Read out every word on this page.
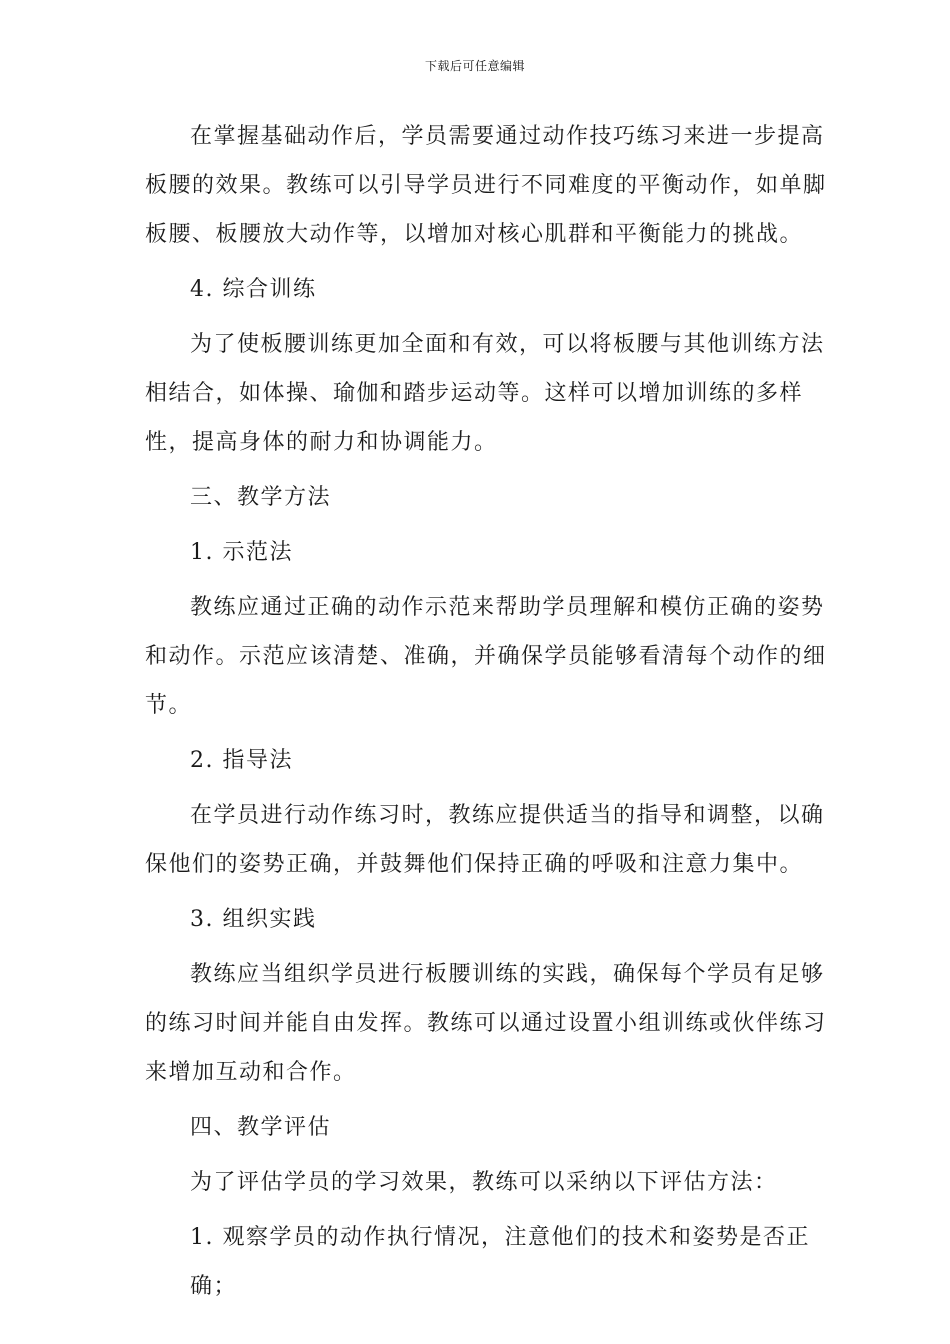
下载后可任意编辑

在掌握基础动作后，学员需要通过动作技巧练习来进一步提高板腰的效果。教练可以引导学员进行不同难度的平衡动作，如单脚板腰、板腰放大动作等，以增加对核心肌群和平衡能力的挑战。

4. 综合训练

为了使板腰训练更加全面和有效，可以将板腰与其他训练方法相结合，如体操、瑜伽和踏步运动等。这样可以增加训练的多样性，提高身体的耐力和协调能力。

三、教学方法
1. 示范法

教练应通过正确的动作示范来帮助学员理解和模仿正确的姿势和动作。示范应该清楚、准确，并确保学员能够看清每个动作的细节。

2. 指导法

在学员进行动作练习时，教练应提供适当的指导和调整，以确保他们的姿势正确，并鼓舞他们保持正确的呼吸和注意力集中。

3. 组织实践

教练应当组织学员进行板腰训练的实践，确保每个学员有足够的练习时间并能自由发挥。教练可以通过设置小组训练或伙伴练习来增加互动和合作。

四、教学评估

为了评估学员的学习效果，教练可以采纳以下评估方法：

1. 观察学员的动作执行情况，注意他们的技术和姿势是否正确；
